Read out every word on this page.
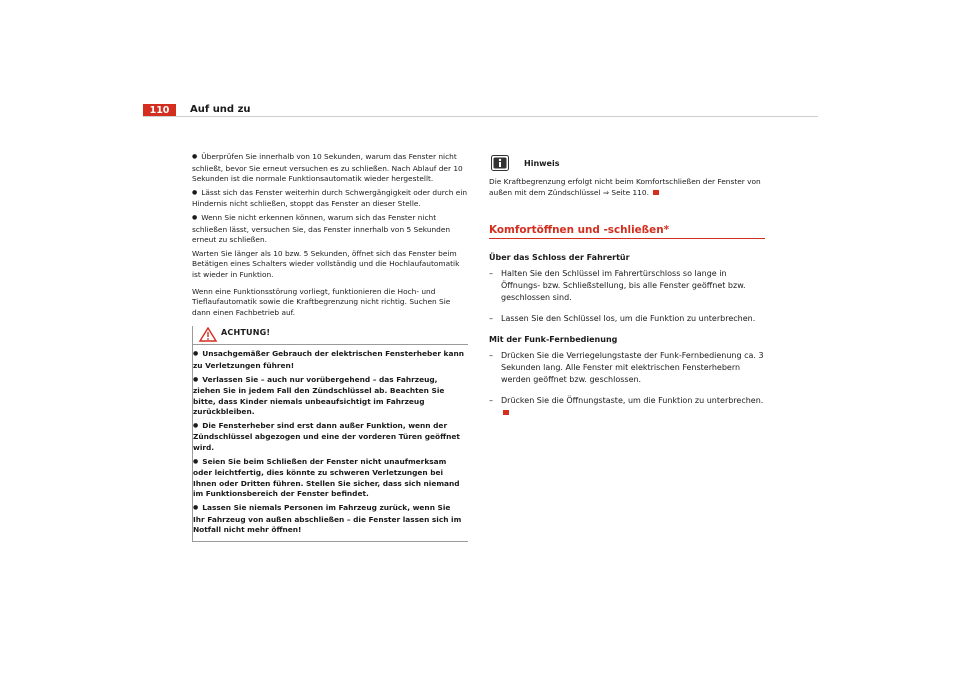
110	Auf und zu
● Überprüfen Sie innerhalb von 10 Sekunden, warum das Fenster nicht schließt, bevor Sie erneut versuchen es zu schließen. Nach Ablauf der 10 Sekunden ist die normale Funktionsautomatik wieder hergestellt.
● Lässt sich das Fenster weiterhin durch Schwergängigkeit oder durch ein Hindernis nicht schließen, stoppt das Fenster an dieser Stelle.
● Wenn Sie nicht erkennen können, warum sich das Fenster nicht schließen lässt, versuchen Sie, das Fenster innerhalb von 5 Sekunden erneut zu schließen.

Warten Sie länger als 10 bzw. 5 Sekunden, öffnet sich das Fenster beim Betätigen eines Schalters wieder vollständig und die Hochlaufautomatik ist wieder in Funktion.

Wenn eine Funktionsstörung vorliegt, funktionieren die Hoch- und Tieflaufautomatik sowie die Kraftbegrenzung nicht richtig. Suchen Sie dann einen Fachbetrieb auf.

ACHTUNG!
● Unsachgemäßer Gebrauch der elektrischen Fensterheber kann zu Verletzungen führen!
● Verlassen Sie – auch nur vorübergehend – das Fahrzeug, ziehen Sie in jedem Fall den Zündschlüssel ab. Beachten Sie bitte, dass Kinder niemals unbeaufsichtigt im Fahrzeug zurückbleiben.
● Die Fensterheber sind erst dann außer Funktion, wenn der Zündschlüssel abgezogen und eine der vorderen Türen geöffnet wird.
● Seien Sie beim Schließen der Fenster nicht unaufmerksam oder leichtfertig, dies könnte zu schweren Verletzungen bei Ihnen oder Dritten führen. Stellen Sie sicher, dass sich niemand im Funktionsbereich der Fenster befindet.
● Lassen Sie niemals Personen im Fahrzeug zurück, wenn Sie Ihr Fahrzeug von außen abschließen – die Fenster lassen sich im Notfall nicht mehr öffnen!
Hinweis

Die Kraftbegrenzung erfolgt nicht beim Komfortschließen der Fenster von außen mit dem Zündschlüssel ⇒ Seite 110.

Komfortöffnen und -schließen*
Über das Schloss der Fahrertür
– Halten Sie den Schlüssel im Fahrertürschloss so lange in Öffnungs- bzw. Schließstellung, bis alle Fenster geöffnet bzw. geschlossen sind.
– Lassen Sie den Schlüssel los, um die Funktion zu unterbrechen.
Mit der Funk-Fernbedienung
– Drücken Sie die Verriegelungstaste der Funk-Fernbedienung ca. 3 Sekunden lang. Alle Fenster mit elektrischen Fensterhebern werden geöffnet bzw. geschlossen.
– Drücken Sie die Öffnungstaste, um die Funktion zu unterbrechen.
